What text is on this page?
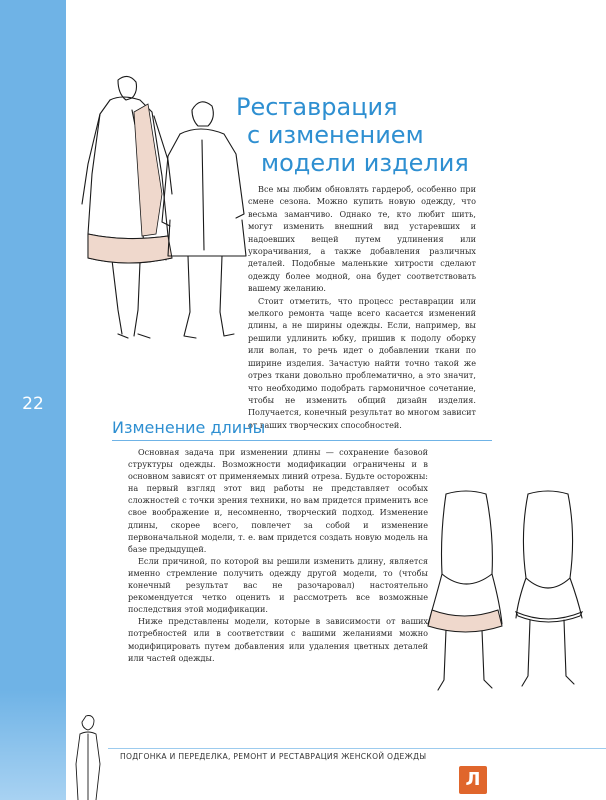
22
Реставрация
с изменением
модели изделия

Все мы любим обновлять гардероб, особенно при смене сезона. Можно купить новую одежду, что весьма заманчиво. Однако те, кто любит шить, могут изменить внешний вид устаревших и надоевших вещей путем удлинения или укорачивания, а также добавления различных деталей. Подобные маленькие хитрости сделают одежду более модной, она будет соответствовать вашему желанию.

Стоит отметить, что процесс реставрации или мелкого ремонта чаще всего касается изменений длины, а не ширины одежды. Если, например, вы решили удлинить юбку, пришив к подолу оборку или волан, то речь идет о добавлении ткани по ширине изделия. Зачастую найти точно такой же отрез ткани довольно проблематично, а это значит, что необходимо подобрать гармоничное сочетание, чтобы не изменить общий дизайн изделия. Получается, конечный результат во многом зависит от ваших творческих способностей.

Изменение длины

Основная задача при изменении длины — сохранение базовой структуры одежды. Возможности модификации ограничены и в основном зависят от применяемых линий отреза. Будьте осторожны: на первый взгляд этот вид работы не представляет особых сложностей с точки зрения техники, но вам придется применить все свое воображение и, несомненно, творческий подход. Изменение длины, скорее всего, повлечет за собой и изменение первоначальной модели, т. е. вам придется создать новую модель на базе предыдущей.

Если причиной, по которой вы решили изменить длину, является именно стремление получить одежду другой модели, то (чтобы конечный результат вас не разочаровал) настоятельно рекомендуется четко оценить и рассмотреть все возможные последствия этой модификации.

Ниже представлены модели, которые в зависимости от ваших потребностей или в соответствии с вашими желаниями можно модифицировать путем добавления или удаления цветных деталей или частей одежды.

ПОДГОНКА И ПЕРЕДЕЛКА, РЕМОНТ И РЕСТАВРАЦИЯ ЖЕНСКОЙ ОДЕЖДЫ
Л
